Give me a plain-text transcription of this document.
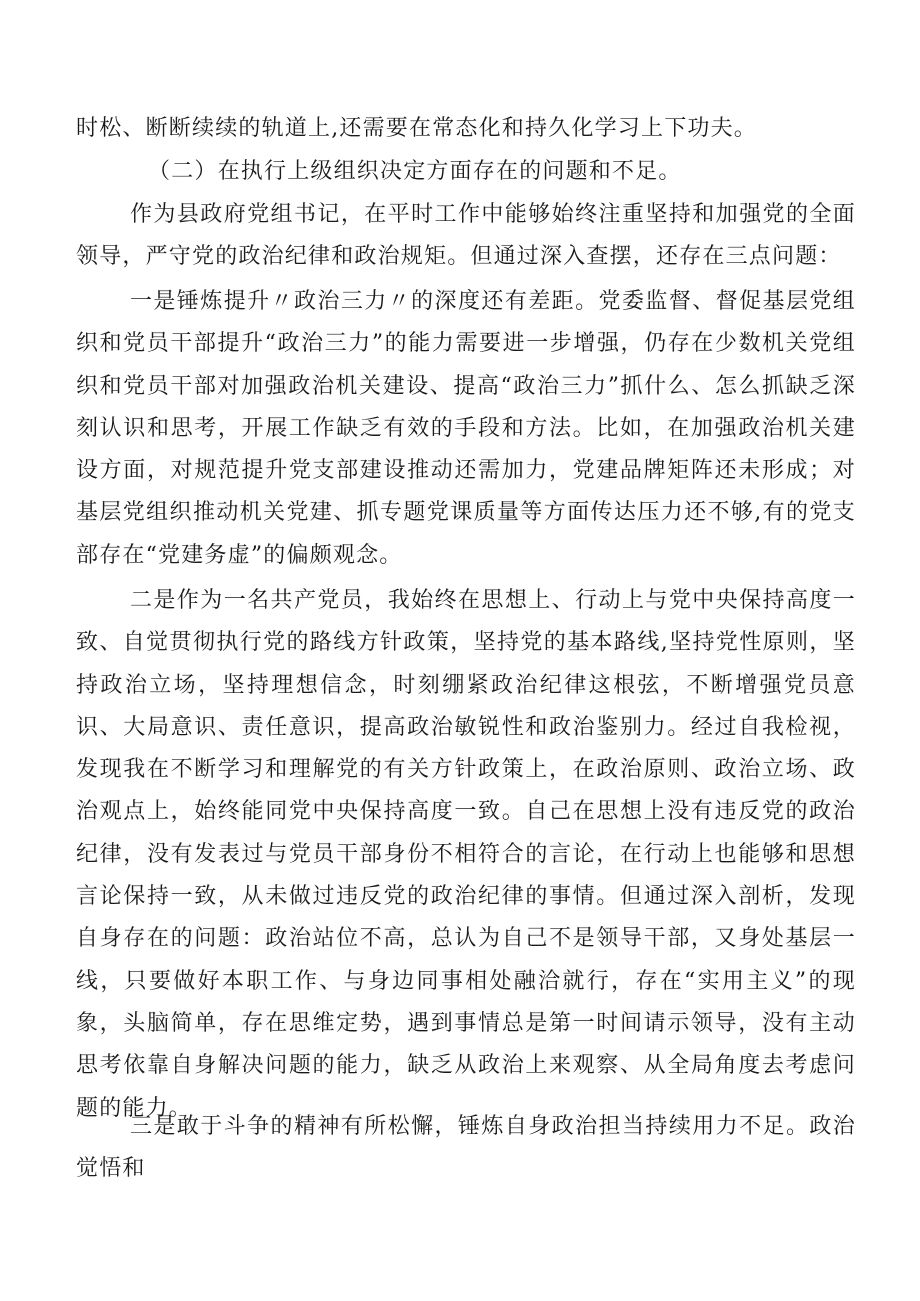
时松、断断续续的轨道上,还需要在常态化和持久化学习上下功夫。

（二）在执行上级组织决定方面存在的问题和不足。

作为县政府党组书记，在平时工作中能够始终注重坚持和加强党的全面领导，严守党的政治纪律和政治规矩。但通过深入查摆，还存在三点问题：

一是锤炼提升〃政治三力〃的深度还有差距。党委监督、督促基层党组织和党员干部提升“政治三力”的能力需要进一步增强，仍存在少数机关党组织和党员干部对加强政治机关建设、提高“政治三力”抓什么、怎么抓缺乏深刻认识和思考，开展工作缺乏有效的手段和方法。比如，在加强政治机关建设方面，对规范提升党支部建设推动还需加力，党建品牌矩阵还未形成；对基层党组织推动机关党建、抓专题党课质量等方面传达压力还不够,有的党支部存在“党建务虚”的偏颇观念。

二是作为一名共产党员，我始终在思想上、行动上与党中央保持高度一致、自觉贯彻执行党的路线方针政策，坚持党的基本路线,坚持党性原则，坚持政治立场，坚持理想信念，时刻绷紧政治纪律这根弦，不断增强党员意识、大局意识、责任意识，提高政治敏锐性和政治鉴别力。经过自我检视，发现我在不断学习和理解党的有关方针政策上，在政治原则、政治立场、政治观点上，始终能同党中央保持高度一致。自己在思想上没有违反党的政治纪律，没有发表过与党员干部身份不相符合的言论，在行动上也能够和思想言论保持一致，从未做过违反党的政治纪律的事情。但通过深入剖析，发现自身存在的问题：政治站位不高，总认为自己不是领导干部，又身处基层一线，只要做好本职工作、与身边同事相处融洽就行，存在“实用主义”的现象，头脑简单，存在思维定势，遇到事情总是第一时间请示领导，没有主动思考依靠自身解决问题的能力，缺乏从政治上来观察、从全局角度去考虑问题的能力。

三是敢于斗争的精神有所松懈，锤炼自身政治担当持续用力不足。政治觉悟和
